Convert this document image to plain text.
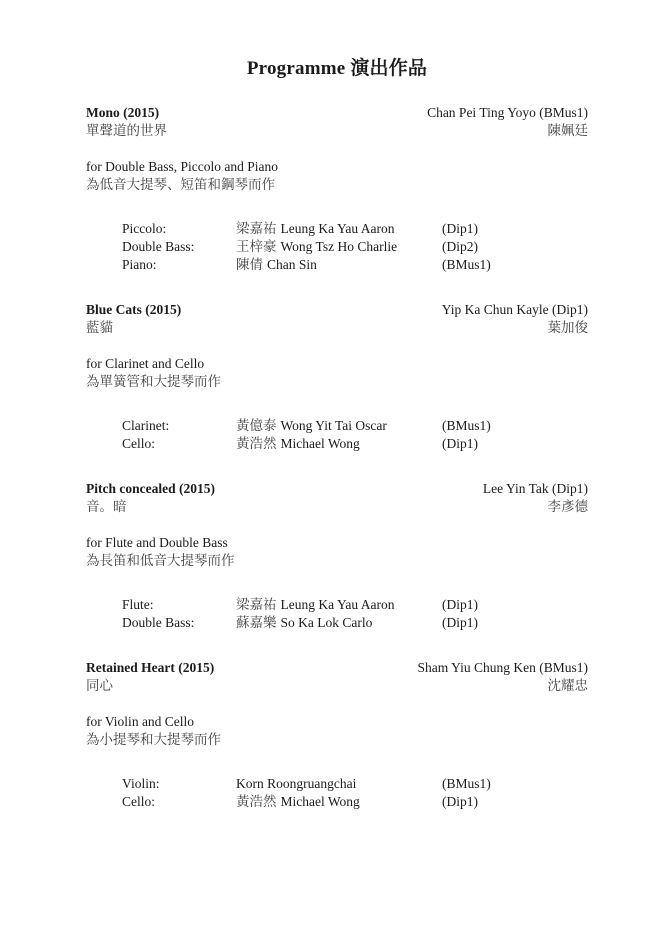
Programme 演出作品
Mono (2015)	Chan Pei Ting Yoyo (BMus1)
單聲道的世界	陳姵廷
for Double Bass, Piccolo and Piano
為低音大提琴、短笛和鋼琴而作
Piccolo:	梁嘉祐 Leung Ka Yau Aaron	(Dip1)
Double Bass:	王梓豪 Wong Tsz Ho Charlie	(Dip2)
Piano:	陳倩 Chan Sin	(BMus1)
Blue Cats (2015)	Yip Ka Chun Kayle (Dip1)
藍貓	葉加俊
for Clarinet and Cello
為單簧管和大提琴而作
Clarinet:	黃億泰 Wong Yit Tai Oscar	(BMus1)
Cello:	黃浩然 Michael Wong	(Dip1)
Pitch concealed (2015)	Lee Yin Tak (Dip1)
音。暗	李彥德
for Flute and Double Bass
為長笛和低音大提琴而作
Flute:	梁嘉祐 Leung Ka Yau Aaron	(Dip1)
Double Bass:	蘇嘉樂 So Ka Lok Carlo	(Dip1)
Retained Heart (2015)	Sham Yiu Chung Ken (BMus1)
同心	沈耀忠
for Violin and Cello
為小提琴和大提琴而作
Violin:	Korn Roongruangchai	(BMus1)
Cello:	黃浩然 Michael Wong	(Dip1)
